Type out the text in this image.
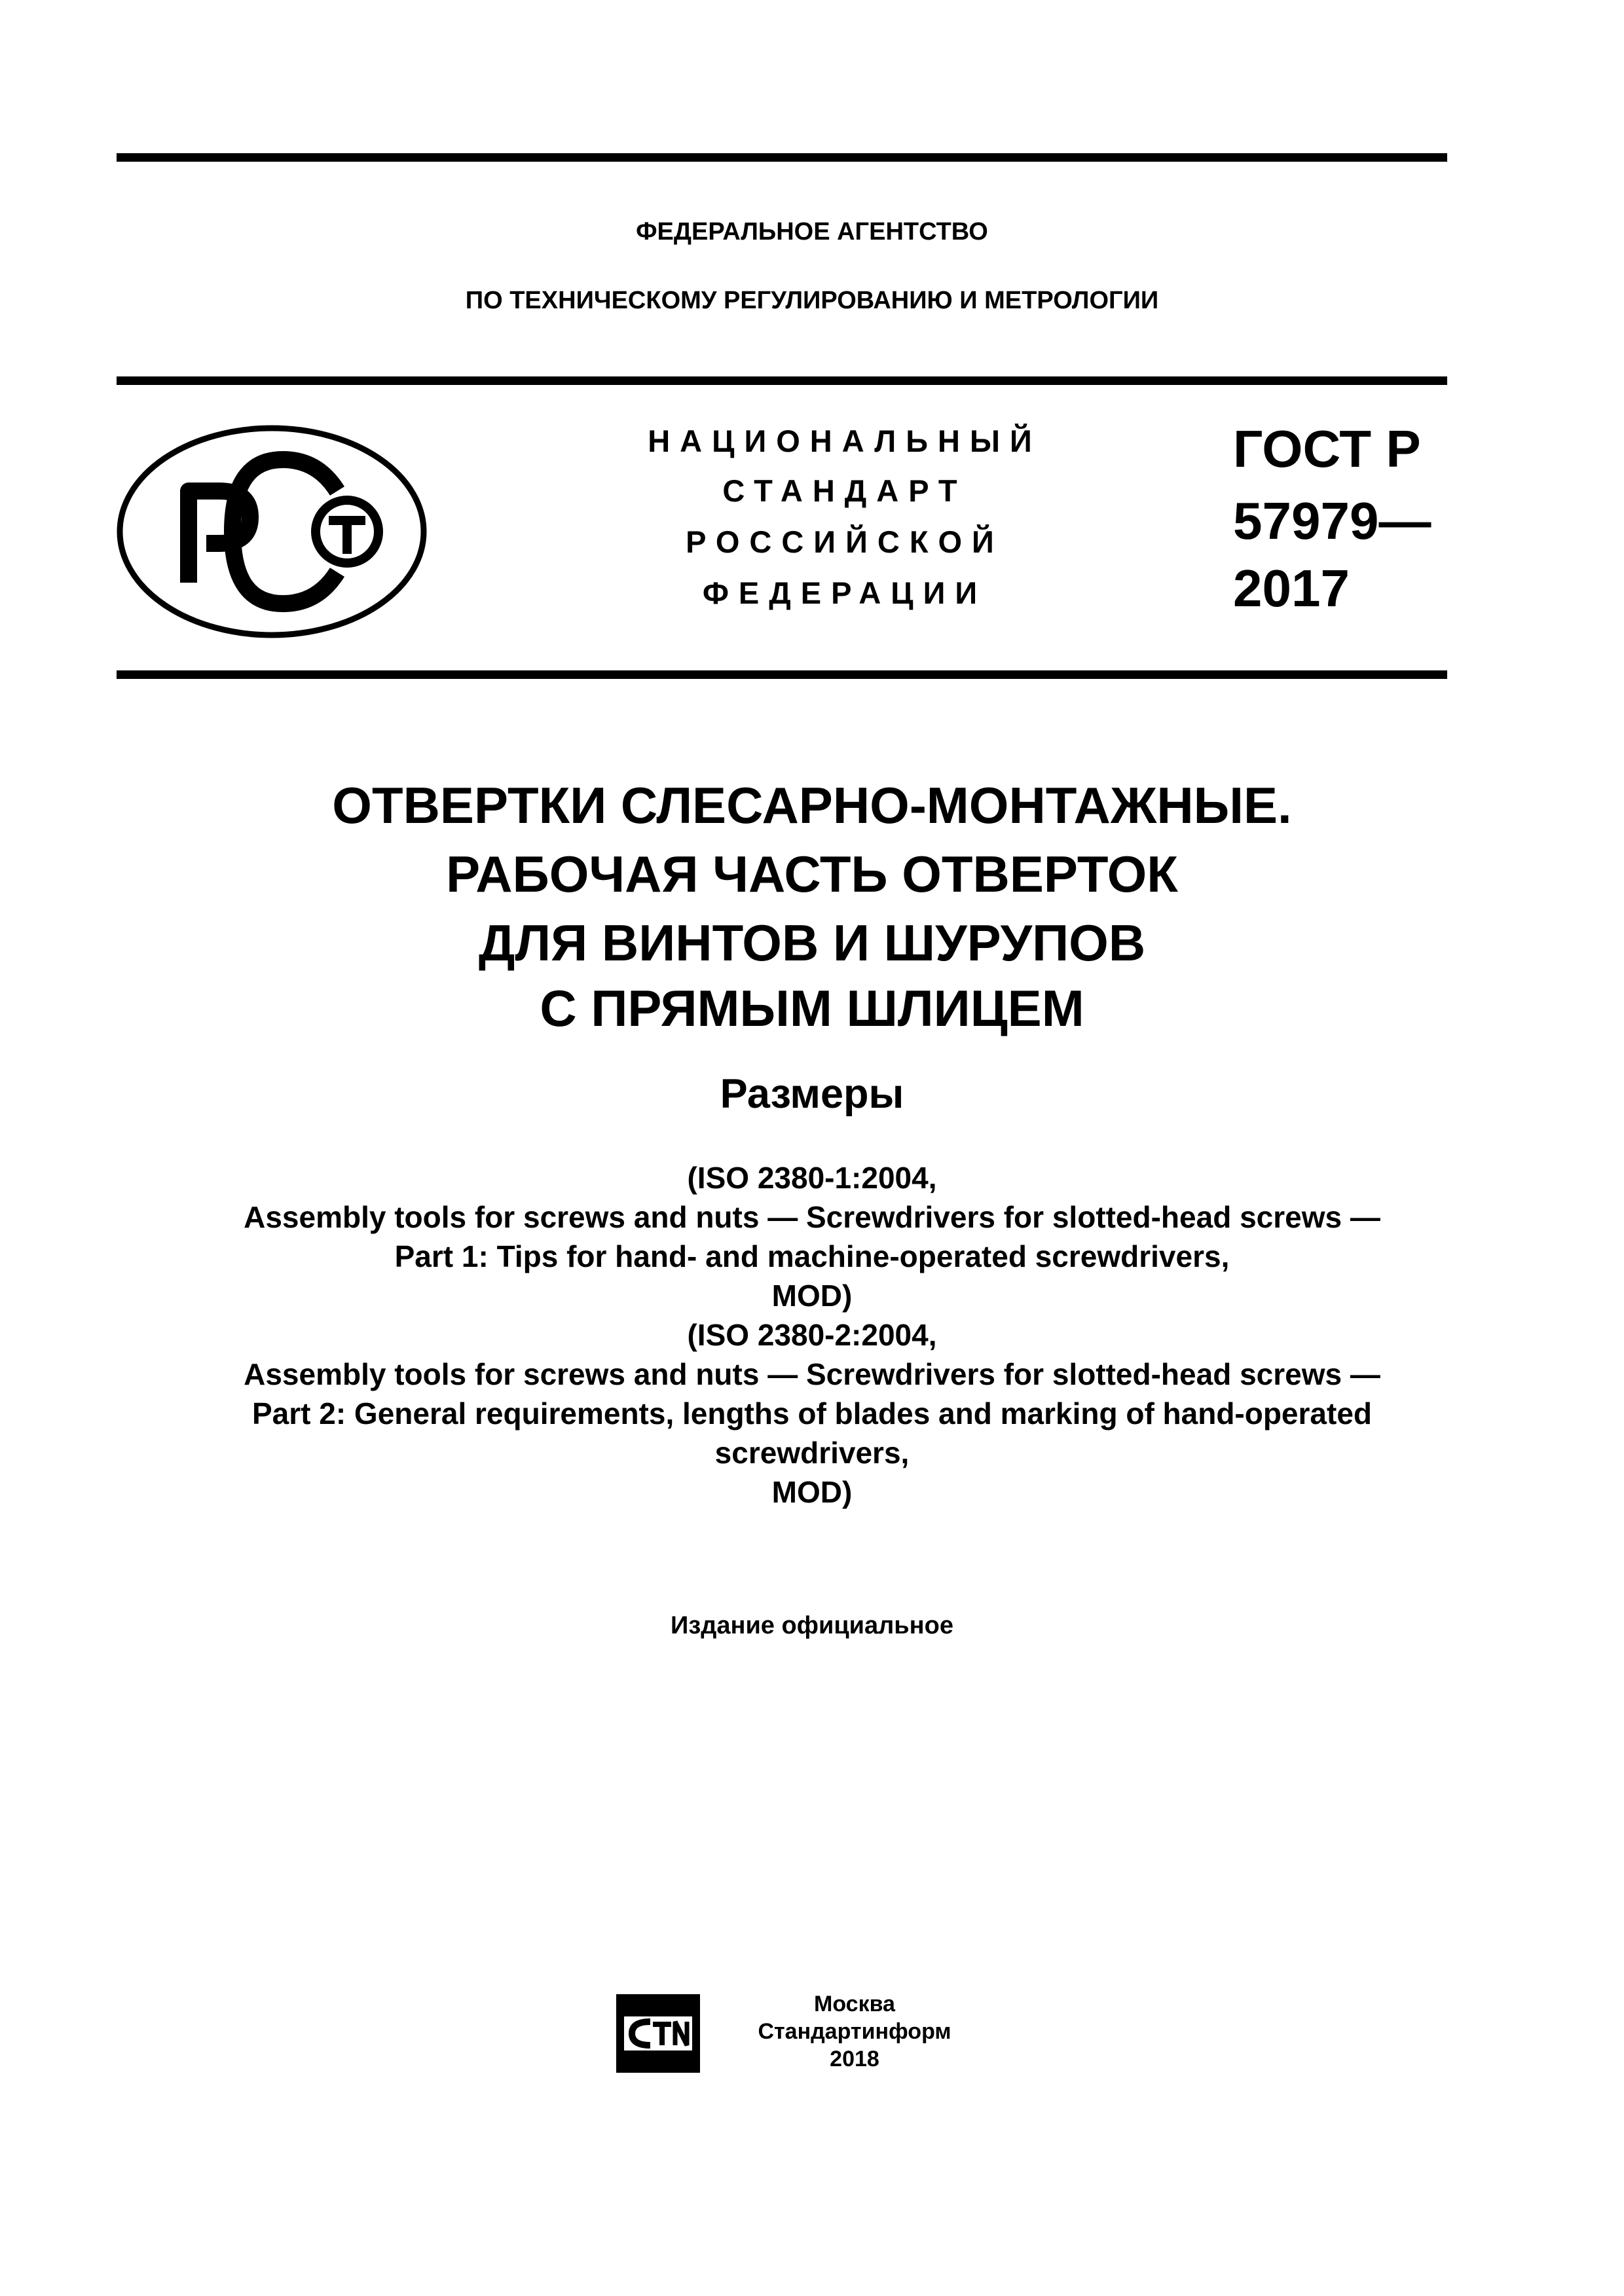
ФЕДЕРАЛЬНОЕ АГЕНТСТВО
ПО ТЕХНИЧЕСКОМУ РЕГУЛИРОВАНИЮ И МЕТРОЛОГИИ
НАЦИОНАЛЬНЫЙ
СТАНДАРТ
РОССИЙСКОЙ
ФЕДЕРАЦИИ
ГОСТ Р
57979—
2017
ОТВЕРТКИ СЛЕСАРНО-МОНТАЖНЫЕ.
РАБОЧАЯ ЧАСТЬ ОТВЕРТОК
ДЛЯ ВИНТОВ И ШУРУПОВ
С ПРЯМЫМ ШЛИЦЕМ
Размеры
(ISO 2380-1:2004,
Assembly tools for screws and nuts — Screwdrivers for slotted-head screws —
Part 1: Tips for hand- and machine-operated screwdrivers,
MOD)
(ISO 2380-2:2004,
Assembly tools for screws and nuts — Screwdrivers for slotted-head screws —
Part 2: General requirements, lengths of blades and marking of hand-operated
screwdrivers,
MOD)
Издание официальное
Москва
Стандартинформ
2018
